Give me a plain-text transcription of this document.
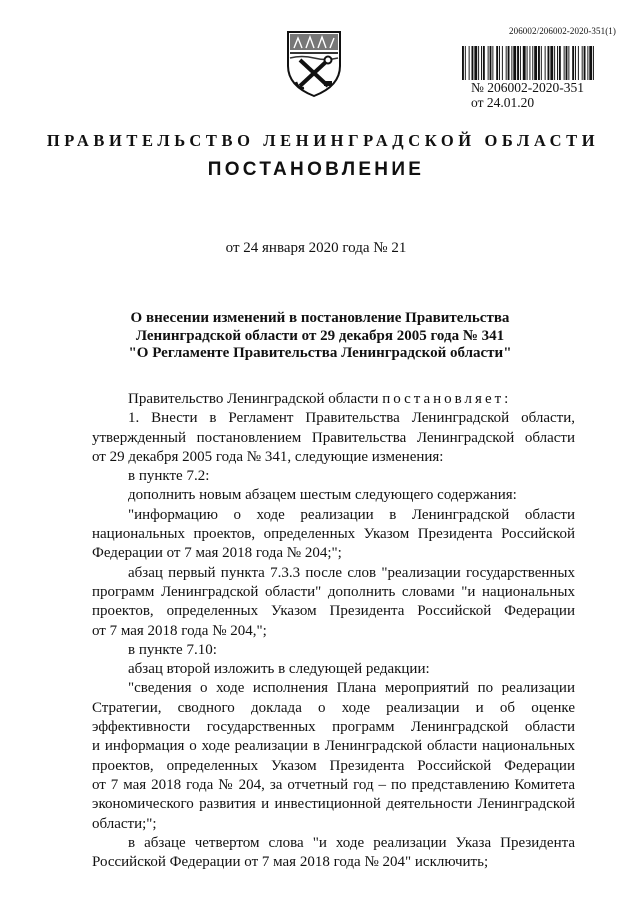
206002/206002-2020-351(1)
№ 206002-2020-351
от 24.01.20
ПРАВИТЕЛЬСТВО ЛЕНИНГРАДСКОЙ ОБЛАСТИ
ПОСТАНОВЛЕНИЕ
от 24 января 2020 года № 21
О внесении изменений в постановление Правительства
Ленинградской области от 29 декабря 2005 года № 341
"О Регламенте Правительства Ленинградской области"
Правительство Ленинградской области постановляет:
1. Внести в Регламент Правительства Ленинградской области,
утвержденный постановлением Правительства Ленинградской области
от 29 декабря 2005 года № 341, следующие изменения:
в пункте 7.2:
дополнить новым абзацем шестым следующего содержания:
"информацию о ходе реализации в Ленинградской области
национальных проектов, определенных Указом Президента Российской
Федерации от 7 мая 2018 года № 204;";
абзац первый пункта 7.3.3 после слов "реализации государственных
программ Ленинградской области" дополнить словами "и национальных
проектов, определенных Указом Президента Российской Федерации
от 7 мая 2018 года № 204,";
в пункте 7.10:
абзац второй изложить в следующей редакции:
"сведения о ходе исполнения Плана мероприятий по реализации
Стратегии, сводного доклада о ходе реализации и об оценке
эффективности государственных программ Ленинградской области
и информация о ходе реализации в Ленинградской области национальных
проектов, определенных Указом Президента Российской Федерации
от 7 мая 2018 года № 204, за отчетный год – по представлению Комитета
экономического развития и инвестиционной деятельности Ленинградской
области;";
в абзаце четвертом слова "и ходе реализации Указа Президента
Российской Федерации от 7 мая 2018 года № 204" исключить;
